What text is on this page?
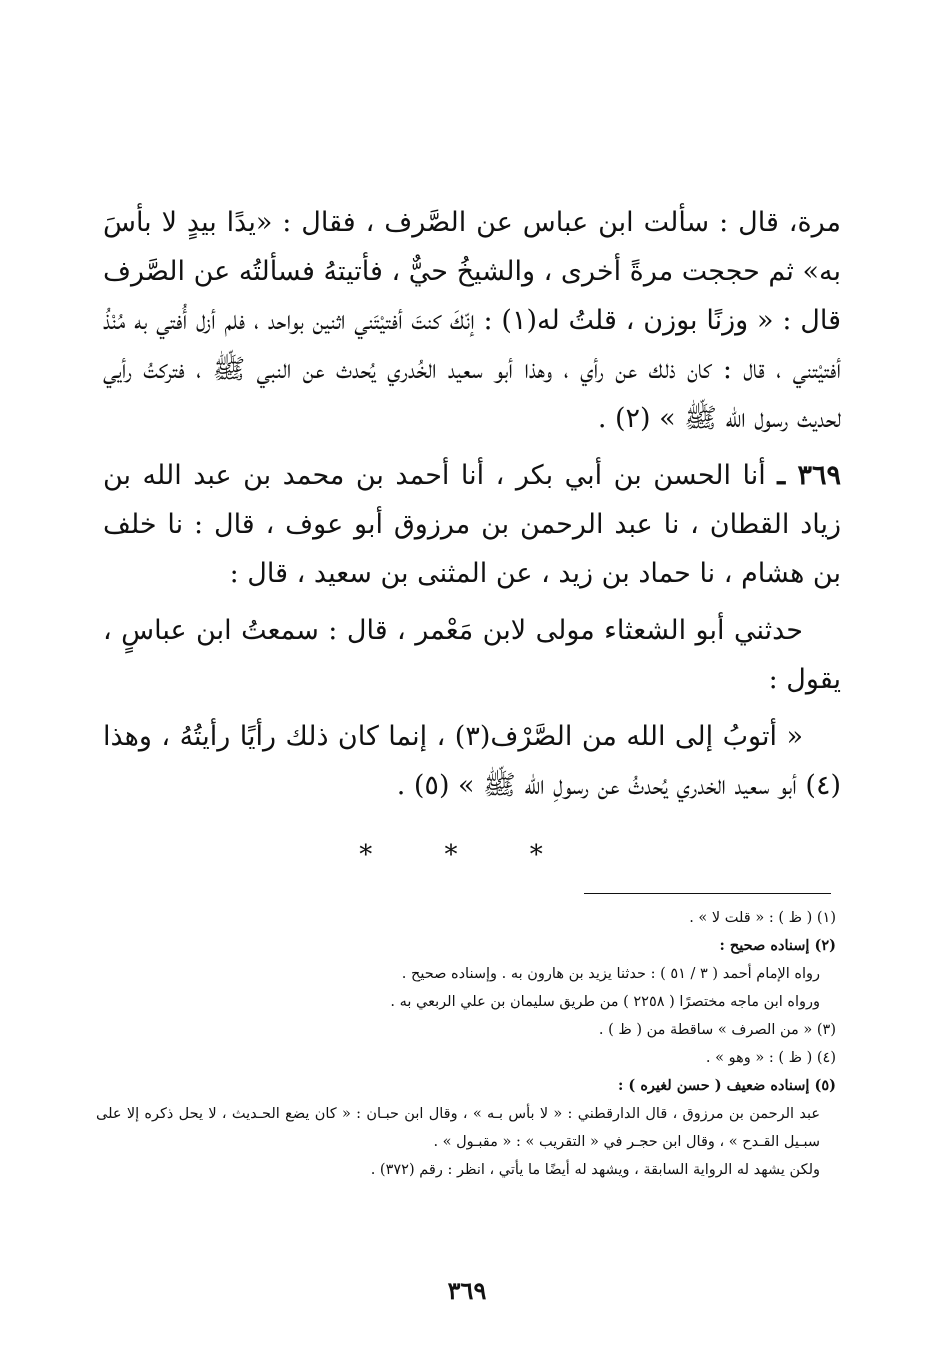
مرة، قال : سألت ابن عباس عن الصَّرف ، فقال : «يدًا بيدٍ لا بأسَ به» ثم حججت مرةً أخرى ، والشيخُ حيٌّ ، فأتيتهُ فسألتُه عن الصَّرف قال : « وزنًا بوزن ، قلتُ له(١) : إنّكَ كنتَ أفتيْتَني اثنين بواحد ، فلم أزل أُفتي به مُنْذُ أفتيْتني ، قال : كان ذلك عن رأي ، وهذا أبو سعيد الخُدري يُحدث عن النبي ﷺ ، فتركتُ رأيي لحديث رسول الله ﷺ » (٢) .

٣٦٩ ـ أنا الحسن بن أبي بكر ، أنا أحمد بن محمد بن عبد الله بن زياد القطان ، نا عبد الرحمن بن مرزوق أبو عوف ، قال : نا خلف بن هشام ، نا حماد بن زيد ، عن المثنى بن سعيد ، قال :

حدثني أبو الشعثاء مولى لابن مَعْمر ، قال : سمعتُ ابن عباسٍ ، يقول :

« أتوبُ إلى الله من الصَّرْف(٣) ، إنما كان ذلك رأيًا رأيتُهُ ، وهذا (٤) أبو سعيد الخدري يُحدثُ عن رسولِ الله ﷺ » (٥) .

* * *
(١) ( ظ ) : « قلت لا » .
(٢) إسناده صحيح :
رواه الإمام أحمد ( ٣ / ٥١ ) : حدثنا يزيد بن هارون به . وإسناده صحيح .
ورواه ابن ماجه مختصرًا ( ٢٢٥٨ ) من طريق سليمان بن علي الربعي به .
(٣) « من الصرف » ساقطة من ( ظ ) .
(٤) ( ظ ) : « وهو » .
(٥) إسناده ضعيف ( حسن لغيره ) :
عبد الرحمن بن مرزوق ، قال الدارقطني : « لا بأس بـه » ، وقال ابن حبـان : « كان يضع الحـديث ، لا يحل ذكره إلا على سبـيل القـدح » ، وقال ابن حجـر في « التقريب » : « مقبـول » .
ولكن يشهد له الرواية السابقة ، ويشهد له أيضًا ما يأتي ، انظر : رقم (٣٧٢) .
٣٦٩
